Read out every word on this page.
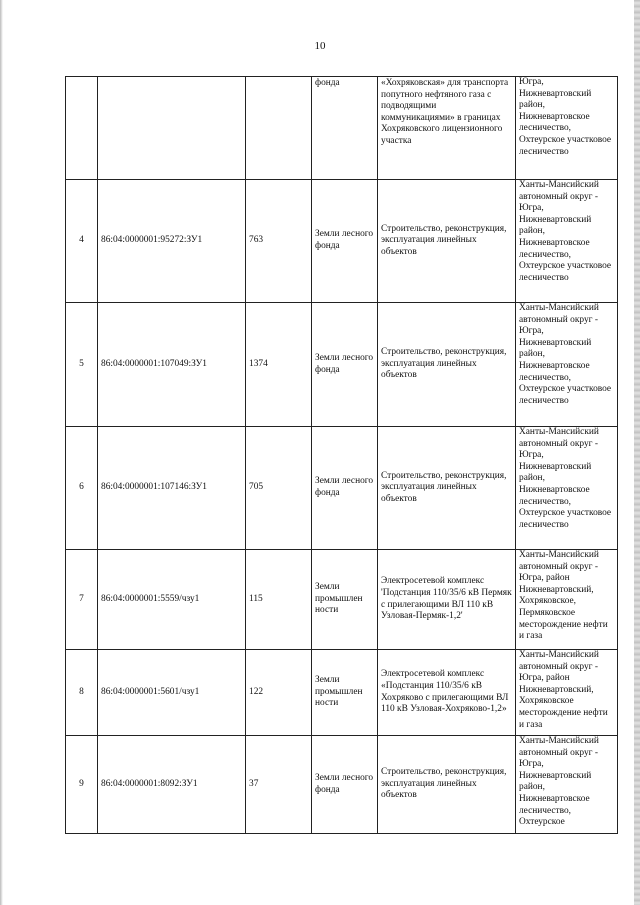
10
			фонда	«Хохряковская» для транспорта попутного нефтяного газа с подводящими коммуникациями» в границах Хохряковского лицензионного участка	Югра, Нижневартовский район, Нижневартовское лесничество, Охтеурское участковое лесничество
4	86:04:0000001:95272:ЗУ1	763	Земли лесного фонда	Строительство, реконструкция, эксплуатация линейных объектов	Ханты-Мансийский автономный округ - Югра, Нижневартовский район, Нижневартовское лесничество, Охтеурское участковое лесничество
5	86:04:0000001:107049:ЗУ1	1374	Земли лесного фонда	Строительство, реконструкция, эксплуатация линейных объектов	Ханты-Мансийский автономный округ - Югра, Нижневартовский район, Нижневартовское лесничество, Охтеурское участковое лесничество
6	86:04:0000001:107146:ЗУ1	705	Земли лесного фонда	Строительство, реконструкция, эксплуатация линейных объектов	Ханты-Мансийский автономный округ - Югра, Нижневартовский район, Нижневартовское лесничество, Охтеурское участковое лесничество
7	86:04:0000001:5559/чзу1	115	Земли промышлен ности	Электросетевой комплекс 'Подстанция 110/35/6 кВ Пермяк с прилегающими ВЛ 110 кВ Узловая-Пермяк-1,2'	Ханты-Мансийский автономный округ - Югра, район Нижневартовский, Хохряковское, Пермяковское месторождение нефти и газа
8	86:04:0000001:5601/чзу1	122	Земли промышлен ности	Электросетевой комплекс «Подстанция 110/35/6 кВ Хохряково с прилегающими ВЛ 110 кВ Узловая-Хохряково-1,2»	Ханты-Мансийский автономный округ - Югра, район Нижневартовский, Хохряковское месторождение нефти и газа
9	86:04:0000001:8092:ЗУ1	37	Земли лесного фонда	Строительство, реконструкция, эксплуатация линейных объектов	Ханты-Мансийский автономный округ - Югра, Нижневартовский район, Нижневартовское лесничество, Охтеурское
